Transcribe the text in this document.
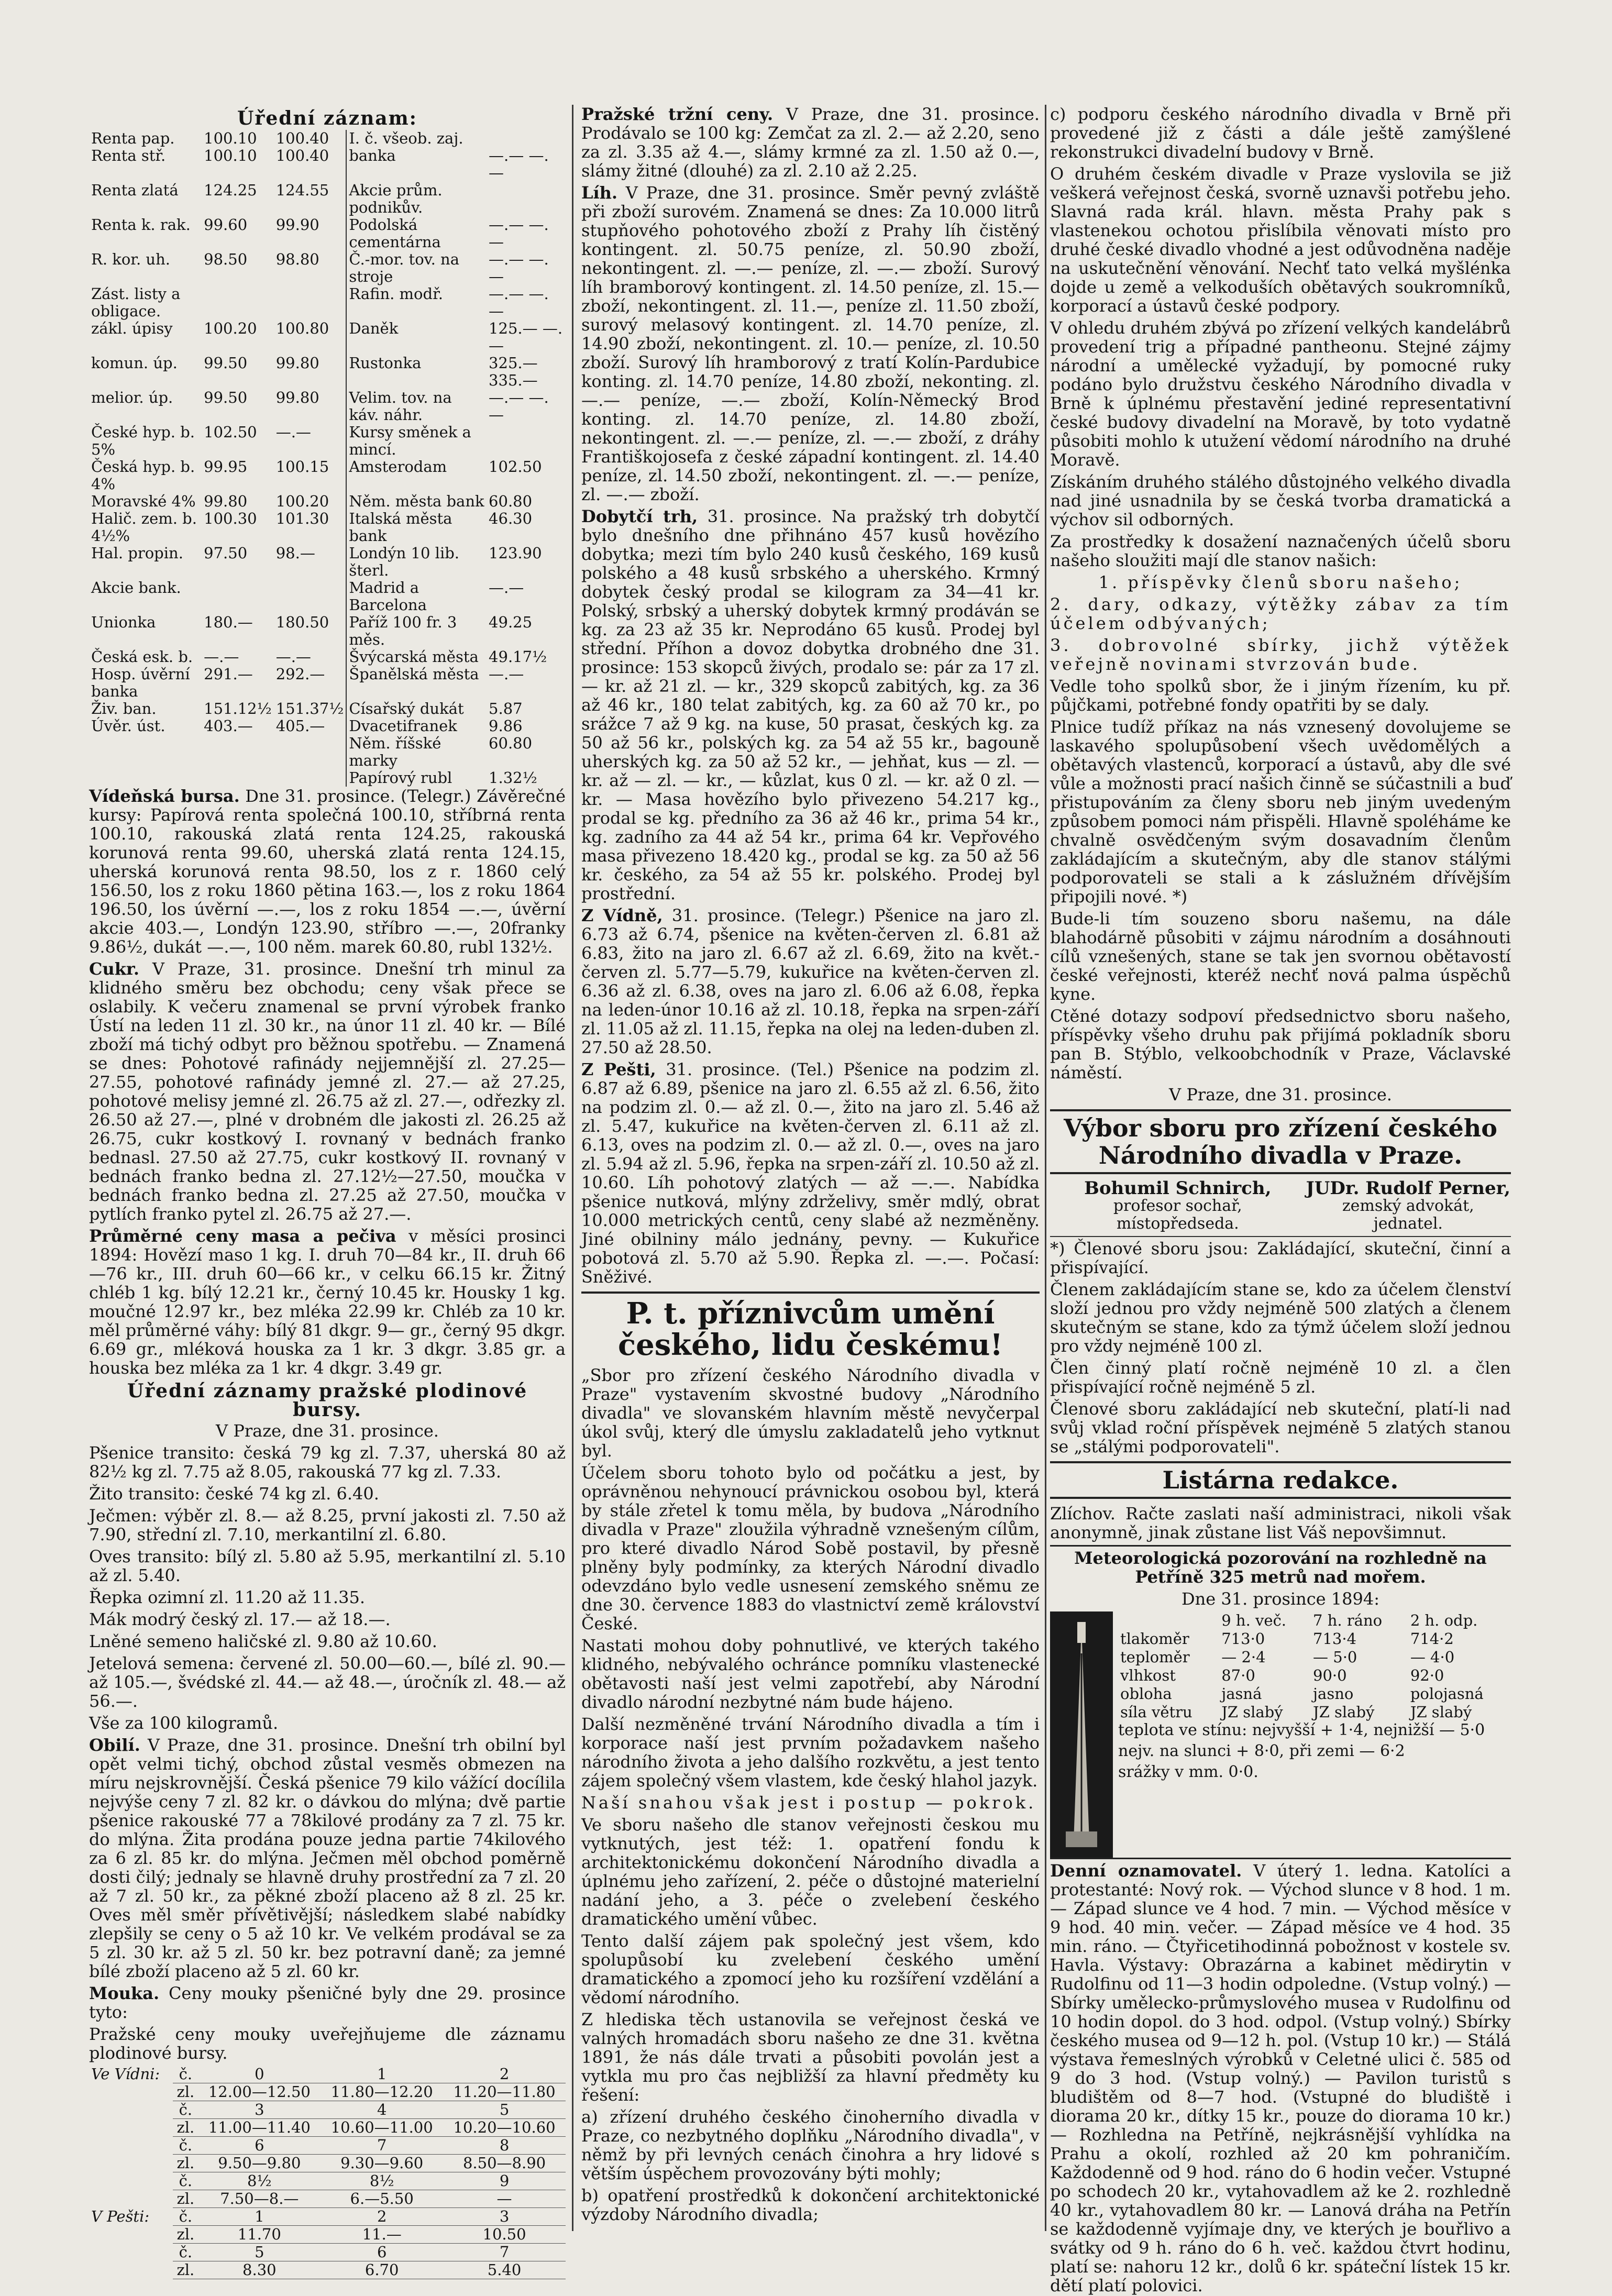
Úřední záznam:
Renta pap.	100.10	100.40	I. č. všeob. zaj.	
Renta stř.	100.10	100.40	banka	—.— —.—
Renta zlatá	124.25	124.55	Akcie prům. podnikův.	
Renta k. rak.	99.60	99.90	Podolská cementárna	—.— —.—
R. kor. uh.	98.50	98.80	Č.-mor. tov. na stroje	—.— —.—
Zást. listy a obligace.			Rafin. modř.	—.— —.—
zákl. úpisy	100.20	100.80	Daněk	125.— —.—
komun. úp.	99.50	99.80	Rustonka	325.— 335.—
melior. úp.	99.50	99.80	Velim. tov. na káv. náhr.	—.— —.—
České hyp. b. 5%	102.50	—.—	Kursy směnek a mincí.	
Česká hyp. b. 4%	99.95	100.15	Amsterodam	102.50
Moravské 4%	99.80	100.20	Něm. města bank	60.80
Halič. zem. b. 4½%	100.30	101.30	Italská města bank	46.30
Hal. propin.	97.50	98.—	Londýn 10 lib. šterl.	123.90
Akcie bank.			Madrid a Barcelona	—.—
Unionka	180.—	180.50	Paříž 100 fr. 3 měs.	49.25
Česká esk. b.	—.—	—.—	Švýcarská města	49.17½
Hosp. úvěrní banka	291.—	292.—	Španělská města	—.—
Živ. ban.	151.12½	151.37½	Císařský dukát	5.87
Úvěr. úst.	403.—	405.—	Dvacetifranek	9.86
			Něm. říšské marky	60.80
			Papírový rubl	1.32½

Vídeňská bursa. Dne 31. prosince. (Telegr.) Závěrečné kursy: Papírová renta společná 100.10, stříbrná renta 100.10, rakouská zlatá renta 124.25, rakouská korunová renta 99.60, uherská zlatá renta 124.15, uherská korunová renta 98.50, los z r. 1860 celý 156.50, los z roku 1860 pětina 163.—, los z roku 1864 196.50, los úvěrní —.—, los z roku 1854 —.—, úvěrní akcie 403.—, Londýn 123.90, stříbro —.—, 20franky 9.86½, dukát —.—, 100 něm. marek 60.80, rubl 132½.

Cukr. V Praze, 31. prosince. Dnešní trh minul za klidného směru bez obchodu; ceny však přece se oslabily. K večeru znamenal se první výrobek franko Ústí na leden 11 zl. 30 kr., na únor 11 zl. 40 kr. — Bílé zboží má tichý odbyt pro běžnou spotřebu. — Znamená se dnes: Pohotové rafinády nejjemnější zl. 27.25—27.55, pohotové rafinády jemné zl. 27.— až 27.25, pohotové melisy jemné zl. 26.75 až zl. 27.—, odřezky zl. 26.50 až 27.—, plné v drobném dle jakosti zl. 26.25 až 26.75, cukr kostkový I. rovnaný v bednách franko bednasl. 27.50 až 27.75, cukr kostkový II. rovnaný v bednách franko bedna zl. 27.12½—27.50, moučka v bednách franko bedna zl. 27.25 až 27.50, moučka v pytlích franko pytel zl. 26.75 až 27.—.

Průměrné ceny masa a pečiva v měsíci prosinci 1894: Hovězí maso 1 kg. I. druh 70—84 kr., II. druh 66—76 kr., III. druh 60—66 kr., v celku 66.15 kr. Žitný chléb 1 kg. bílý 12.21 kr., černý 10.45 kr. Housky 1 kg. moučné 12.97 kr., bez mléka 22.99 kr. Chléb za 10 kr. měl průměrné váhy: bílý 81 dkgr. 9— gr., černý 95 dkgr. 6.69 gr., mléková houska za 1 kr. 3 dkgr. 3.85 gr. a houska bez mléka za 1 kr. 4 dkgr. 3.49 gr.

Úřední záznamy pražské plodinové bursy.

V Praze, dne 31. prosince.

Pšenice transito: česká 79 kg zl. 7.37, uherská 80 až 82½ kg zl. 7.75 až 8.05, rakouská 77 kg zl. 7.33.

Žito transito: české 74 kg zl. 6.40.

Ječmen: výběr zl. 8.— až 8.25, první jakosti zl. 7.50 až 7.90, střední zl. 7.10, merkantilní zl. 6.80.

Oves transito: bílý zl. 5.80 až 5.95, merkantilní zl. 5.10 až zl. 5.40.

Řepka ozimní zl. 11.20 až 11.35.

Mák modrý český zl. 17.— až 18.—.

Lněné semeno haličské zl. 9.80 až 10.60.

Jetelová semena: červené zl. 50.00—60.—, bílé zl. 90.— až 105.—, švédské zl. 44.— až 48.—, úročník zl. 48.— až 56.—.

Vše za 100 kilogramů.

Obilí. V Praze, dne 31. prosince. Dnešní trh obilní byl opět velmi tichý, obchod zůstal vesměs obmezen na míru nejskrovnější. Česká pšenice 79 kilo vážící docílila nejvýše ceny 7 zl. 82 kr. o dávkou do mlýna; dvě partie pšenice rakouské 77 a 78kilové prodány za 7 zl. 75 kr. do mlýna. Žita prodána pouze jedna partie 74kilového za 6 zl. 85 kr. do mlýna. Ječmen měl obchod poměrně dosti čilý; jednaly se hlavně druhy prostřední za 7 zl. 20 až 7 zl. 50 kr., za pěkné zboží placeno až 8 zl. 25 kr. Oves měl směr přívětivější; následkem slabé nabídky zlepšily se ceny o 5 až 10 kr. Ve velkém prodával se za 5 zl. 30 kr. až 5 zl. 50 kr. bez potravní daně; za jemné bílé zboží placeno až 5 zl. 60 kr.

Mouka. Ceny mouky pšeničné byly dne 29. prosince tyto:

Pražské ceny mouky uveřejňujeme dle záznamu plodinové bursy.

Ve Vídni:	č.	0	1	2
	zl.	12.00—12.50	11.80—12.20	11.20—11.80
	č.	3	4	5
	zl.	11.00—11.40	10.60—11.00	10.20—10.60
	č.	6	7	8
	zl.	9.50—9.80	9.30—9.60	8.50—8.90
	č.	8½	8½	9
	zl.	7.50—8.—	6.—5.50	—
V Pešti:	č.	1	2	3
	zl.	11.70	11.—	10.50
	č.	5	6	7
	zl.	8.30	6.70	5.40

Pražské tržní ceny. V Praze, dne 31. prosince. Prodávalo se 100 kg: Zemčat za zl. 2.— až 2.20, seno za zl. 3.35 až 4.—, slámy krmné za zl. 1.50 až 0.—, slámy žitné (dlouhé) za zl. 2.10 až 2.25.

Líh. V Praze, dne 31. prosince. Směr pevný zvláště při zboží surovém. Znamená se dnes: Za 10.000 litrů stupňového pohotového zboží z Prahy líh čistěný kontingent. zl. 50.75 peníze, zl. 50.90 zboží, nekontingent. zl. —.— peníze, zl. —.— zboží. Surový líh bramborový kontingent. zl. 14.50 peníze, zl. 15.— zboží, nekontingent. zl. 11.—, peníze zl. 11.50 zboží, surový melasový kontingent. zl. 14.70 peníze, zl. 14.90 zboží, nekontingent. zl. 10.— peníze, zl. 10.50 zboží. Surový líh hramborový z tratí Kolín-Pardubice konting. zl. 14.70 peníze, 14.80 zboží, nekonting. zl. —.— peníze, —.— zboží, Kolín-Německý Brod konting. zl. 14.70 peníze, zl. 14.80 zboží, nekontingent. zl. —.— peníze, zl. —.— zboží, z dráhy Františkojosefa z české západní kontingent. zl. 14.40 peníze, zl. 14.50 zboží, nekontingent. zl. —.— peníze, zl. —.— zboží.

Dobytčí trh, 31. prosince. Na pražský trh dobytčí bylo dnešního dne přihnáno 457 kusů hovězího dobytka; mezi tím bylo 240 kusů českého, 169 kusů polského a 48 kusů srbského a uherského. Krmný dobytek český prodal se kilogram za 34—41 kr. Polský, srbský a uherský dobytek krmný prodáván se kg. za 23 až 35 kr. Neprodáno 65 kusů. Prodej byl střední. Příhon a dovoz dobytka drobného dne 31. prosince: 153 skopců živých, prodalo se: pár za 17 zl. — kr. až 21 zl. — kr., 329 skopců zabitých, kg. za 36 až 46 kr., 180 telat zabitých, kg. za 60 až 70 kr., po srážce 7 až 9 kg. na kuse, 50 prasat, českých kg. za 50 až 56 kr., polských kg. za 54 až 55 kr., bagouně uherských kg. za 50 až 52 kr., — jehňat, kus — zl. — kr. až — zl. — kr., — kůzlat, kus 0 zl. — kr. až 0 zl. — kr. — Masa hovězího bylo přivezeno 54.217 kg., prodal se kg. předního za 36 až 46 kr., prima 54 kr., kg. zadního za 44 až 54 kr., prima 64 kr. Vepřového masa přivezeno 18.420 kg., prodal se kg. za 50 až 56 kr. českého, za 54 až 55 kr. polského. Prodej byl prostřední.

Z Vídně, 31. prosince. (Telegr.) Pšenice na jaro zl. 6.73 až 6.74, pšenice na květen-červen zl. 6.81 až 6.83, žito na jaro zl. 6.67 až zl. 6.69, žito na květ.-červen zl. 5.77—5.79, kukuřice na květen-červen zl. 6.36 až zl. 6.38, oves na jaro zl. 6.06 až 6.08, řepka na leden-únor 10.16 až zl. 10.18, řepka na srpen-září zl. 11.05 až zl. 11.15, řepka na olej na leden-duben zl. 27.50 až 28.50.

Z Pešti, 31. prosince. (Tel.) Pšenice na podzim zl. 6.87 až 6.89, pšenice na jaro zl. 6.55 až zl. 6.56, žito na podzim zl. 0.— až zl. 0.—, žito na jaro zl. 5.46 až zl. 5.47, kukuřice na květen-červen zl. 6.11 až zl. 6.13, oves na podzim zl. 0.— až zl. 0.—, oves na jaro zl. 5.94 až zl. 5.96, řepka na srpen-září zl. 10.50 až zl. 10.60. Líh pohotový zlatých — až —.—. Nabídka pšenice nutková, mlýny zdrželivy, směr mdlý, obrat 10.000 metrických centů, ceny slabé až nezměněny. Jiné obilniny málo jednány, pevny. — Kukuřice pobotová zl. 5.70 až 5.90. Řepka zl. —.—. Počasí: Sněživé.

P. t. příznivcům umění českého, lidu českému!

„Sbor pro zřízení českého Národního divadla v Praze" vystavením skvostné budovy „Národního divadla" ve slovanském hlavním městě nevyčerpal úkol svůj, který dle úmyslu zakladatelů jeho vytknut byl.

Účelem sboru tohoto bylo od počátku a jest, by oprávněnou nehynoucí právnickou osobou byl, která by stále zřetel k tomu měla, by budova „Národního divadla v Praze" zloužila výhradně vznešeným cílům, pro které divadlo Národ Sobě postavil, by přesně plněny byly podmínky, za kterých Národní divadlo odevzdáno bylo vedle usnesení zemského sněmu ze dne 30. července 1883 do vlastnictví země království České.

Nastati mohou doby pohnutlivé, ve kterých takého klidného, nebývalého ochránce pomníku vlastenecké obětavosti naší jest velmi zapotřebí, aby Národní divadlo národní nezbytné nám bude hájeno.

Další nezměněné trvání Národního divadla a tím i korporace naší jest prvním požadavkem našeho národního života a jeho dalšího rozkvětu, a jest tento zájem společný všem vlastem, kde český hlahol jazyk.

Naší snahou však jest i postup — pokrok.

Ve sboru našeho dle stanov veřejnosti českou mu vytknutých, jest též: 1. opatření fondu k architektonickému dokončení Národního divadla a úplnému jeho zařízení, 2. péče o důstojné materielní nadání jeho, a 3. péče o zvelebení českého dramatického umění vůbec.

Tento další zájem pak společný jest všem, kdo spolupůsobí ku zvelebení českého umění dramatického a zpomocí jeho ku rozšíření vzdělání a vědomí národního.

Z hlediska těch ustanovila se veřejnost česká ve valných hromadách sboru našeho ze dne 31. května 1891, že nás dále trvati a působiti povolán jest a vytkla mu pro čas nejbližší za hlavní předměty ku řešení:

a) zřízení druhého českého činoherního divadla v Praze, co nezbytného doplňku „Národního divadla", v němž by při levných cenách činohra a hry lidové s větším úspěchem provozovány býti mohly;

b) opatření prostředků k dokončení architektonické výzdoby Národního divadla;

c) podporu českého národního divadla v Brně při provedené již z části a dále ještě zamýšlené rekonstrukci divadelní budovy v Brně.

O druhém českém divadle v Praze vyslovila se již veškerá veřejnost česká, svorně uznavši potřebu jeho. Slavná rada král. hlavn. města Prahy pak s vlastenekou ochotou přislíbila věnovati místo pro druhé české divadlo vhodné a jest odůvodněna naděje na uskutečnění věnování. Nechť tato velká myšlénka dojde u země a velkoduších obětavých soukromníků, korporací a ústavů české podpory.

V ohledu druhém zbývá po zřízení velkých kandelábrů provedení trig a případné pantheonu. Stejné zájmy národní a umělecké vyžadují, by pomocné ruky podáno bylo družstvu českého Národního divadla v Brně k úplnému přestavění jediné representativní české budovy divadelní na Moravě, by toto vydatně působiti mohlo k utužení vědomí národního na druhé Moravě.

Získáním druhého stálého důstojného velkého divadla nad jiné usnadnila by se česká tvorba dramatická a výchov sil odborných.

Za prostředky k dosažení naznačených účelů sboru našeho sloužiti mají dle stanov našich:

1. příspěvky členů sboru našeho;

2. dary, odkazy, výtěžky zábav za tím účelem odbývaných;

3. dobrovolné sbírky, jichž výtěžek veřejně novinami stvrzován bude.

Vedle toho spolků sbor, že i jiným řízením, ku př. půjčkami, potřebné fondy opatřiti by se daly.

Plnice tudíž příkaz na nás vznesený dovolujeme se laskavého spolupůsobení všech uvědomělých a obětavých vlastenců, korporací a ústavů, aby dle své vůle a možnosti prací našich činně se súčastnili a buď přistupováním za členy sboru neb jiným uvedeným způsobem pomoci nám přispěli. Hlavně spoléháme ke chvalně osvědčeným svým dosavadním členům zakládajícím a skutečným, aby dle stanov stálými podporovateli se stali a k záslužném dřívějším připojili nové. *)

Bude-li tím souzeno sboru našemu, na dále blahodárně působiti v zájmu národním a dosáhnouti cílů vznešených, stane se tak jen svornou obětavostí české veřejnosti, kteréž nechť nová palma úspěchů kyne.

Ctěné dotazy sodpoví předsednictvo sboru našeho, příspěvky všeho druhu pak přijímá pokladník sboru pan B. Stýblo, velkoobchodník v Praze, Václavské náměstí.

V Praze, dne 31. prosince.

Výbor sboru pro zřízení českého Národního divadla v Praze.
Bohumil Schnirch,
profesor sochař, místopředseda.
JUDr. Rudolf Perner,
zemský advokát, jednatel.

*) Členové sboru jsou: Zakládající, skuteční, činní a přispívající.

Členem zakládajícím stane se, kdo za účelem členství složí jednou pro vždy nejméně 500 zlatých a členem skutečným se stane, kdo za týmž účelem složí jednou pro vždy nejméně 100 zl.

Člen činný platí ročně nejméně 10 zl. a člen přispívající ročně nejméně 5 zl.

Členové sboru zakládající neb skuteční, platí-li nad svůj vklad roční příspěvek nejméně 5 zlatých stanou se „stálými podporovateli".

Listárna redakce.

Zlíchov. Račte zaslati naší administraci, nikoli však anonymně, jinak zůstane list Váš nepovšimnut.

Meteorologická pozorování na rozhledně na Petříně 325 metrů nad mořem.

Dne 31. prosince 1894:

	9 h. več.	7 h. ráno	2 h. odp.
tlakoměr	713·0	713·4	714·2
teploměr	— 2·4	— 5·0	— 4·0
vlhkost	87·0	90·0	92·0
obloha	jasná	jasno	polojasná
síla větru	JZ slabý	JZ slabý	JZ slabý

teplota ve stínu: nejvyšší + 1·4, nejnižší — 5·0

nejv. na slunci + 8·0, při zemi — 6·2

srážky v mm. 0·0.

Denní oznamovatel. V úterý 1. ledna. Katolíci a protestanté: Nový rok. — Východ slunce v 8 hod. 1 m. — Západ slunce ve 4 hod. 7 min. — Východ měsíce v 9 hod. 40 min. večer. — Západ měsíce ve 4 hod. 35 min. ráno. — Čtyřicetihodinná pobožnost v kostele sv. Havla. Výstavy: Obrazárna a kabinet mědirytin v Rudolfinu od 11—3 hodin odpoledne. (Vstup volný.) — Sbírky umělecko-průmyslového musea v Rudolfinu od 10 hodin dopol. do 3 hod. odpol. (Vstup volný.) Sbírky českého musea od 9—12 h. pol. (Vstup 10 kr.) — Stálá výstava řemeslných výrobků v Celetné ulici č. 585 od 9 do 3 hod. (Vstup volný.) — Pavilon turistů s bludištěm od 8—7 hod. (Vstupné do bludiště i diorama 20 kr., dítky 15 kr., pouze do diorama 10 kr.) — Rozhledna na Petříně, nejkrásnější vyhlídka na Prahu a okolí, rozhled až 20 km pohraničím. Každodenně od 9 hod. ráno do 6 hodin večer. Vstupné po schodech 20 kr., vytahovadlem až ke 2. rozhledně 40 kr., vytahovadlem 80 kr. — Lanová dráha na Petřín se každodenně vyjímaje dny, ve kterých je bouřlivo a svátky od 9 h. ráno do 6 h. več. každou čtvrt hodinu, platí se: nahoru 12 kr., dolů 6 kr. spáteční lístek 15 kr. dětí platí polovici.
